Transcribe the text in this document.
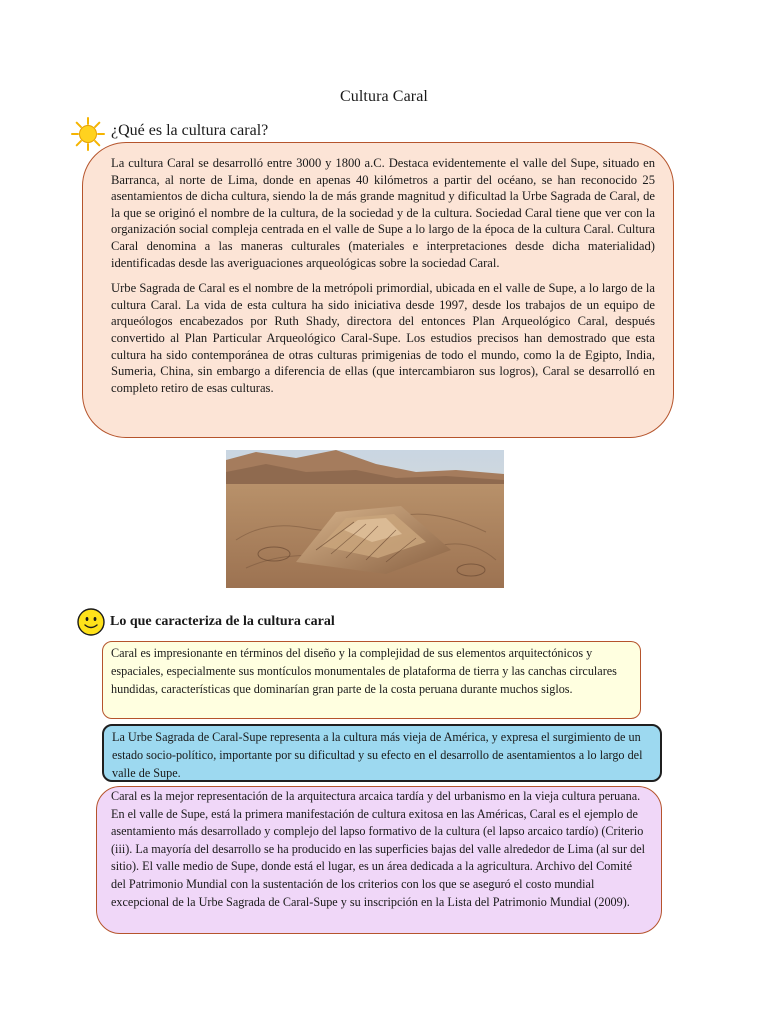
Cultura Caral
¿Qué es la cultura caral?

La cultura Caral se desarrolló entre 3000 y 1800 a.C. Destaca evidentemente el valle del Supe, situado en Barranca, al norte de Lima, donde en apenas 40 kilómetros a partir del océano, se han reconocido 25 asentamientos de dicha cultura, siendo la de más grande magnitud y dificultad la Urbe Sagrada de Caral, de la que se originó el nombre de la cultura, de la sociedad y de la cultura. Sociedad Caral tiene que ver con la organización social compleja centrada en el valle de Supe a lo largo de la época de la cultura Caral. Cultura Caral denomina a las maneras culturales (materiales e interpretaciones desde dicha materialidad) identificadas desde las averiguaciones arqueológicas sobre la sociedad Caral.

Urbe Sagrada de Caral es el nombre de la metrópoli primordial, ubicada en el valle de Supe, a lo largo de la cultura Caral. La vida de esta cultura ha sido iniciativa desde 1997, desde los trabajos de un equipo de arqueólogos encabezados por Ruth Shady, directora del entonces Plan Arqueológico Caral, después convertido al Plan Particular Arqueológico Caral-Supe. Los estudios precisos han demostrado que esta cultura ha sido contemporánea de otras culturas primigenias de todo el mundo, como la de Egipto, India, Sumeria, China, sin embargo a diferencia de ellas (que intercambiaron sus logros), Caral se desarrolló en completo retiro de esas culturas.

Lo que caracteriza de la cultura caral
Caral es impresionante en términos del diseño y la complejidad de sus elementos arquitectónicos y espaciales, especialmente sus montículos monumentales de plataforma de tierra y las canchas circulares hundidas, características que dominarían gran parte de la costa peruana durante muchos siglos.
La Urbe Sagrada de Caral-Supe representa a la cultura más vieja de América, y expresa el surgimiento de un estado socio-político, importante por su dificultad y su efecto en el desarrollo de asentamientos a lo largo del valle de Supe.
Caral es la mejor representación de la arquitectura arcaica tardía y del urbanismo en la vieja cultura peruana. En el valle de Supe, está la primera manifestación de cultura exitosa en las Américas, Caral es el ejemplo de asentamiento más desarrollado y complejo del lapso formativo de la cultura (el lapso arcaico tardío) (Criterio (iii). La mayoría del desarrollo se ha producido en las superficies bajas del valle alrededor de Lima (al sur del sitio). El valle medio de Supe, donde está el lugar, es un área dedicada a la agricultura. Archivo del Comité del Patrimonio Mundial con la sustentación de los criterios con los que se aseguró el costo mundial excepcional de la Urbe Sagrada de Caral-Supe y su inscripción en la Lista del Patrimonio Mundial (2009).
